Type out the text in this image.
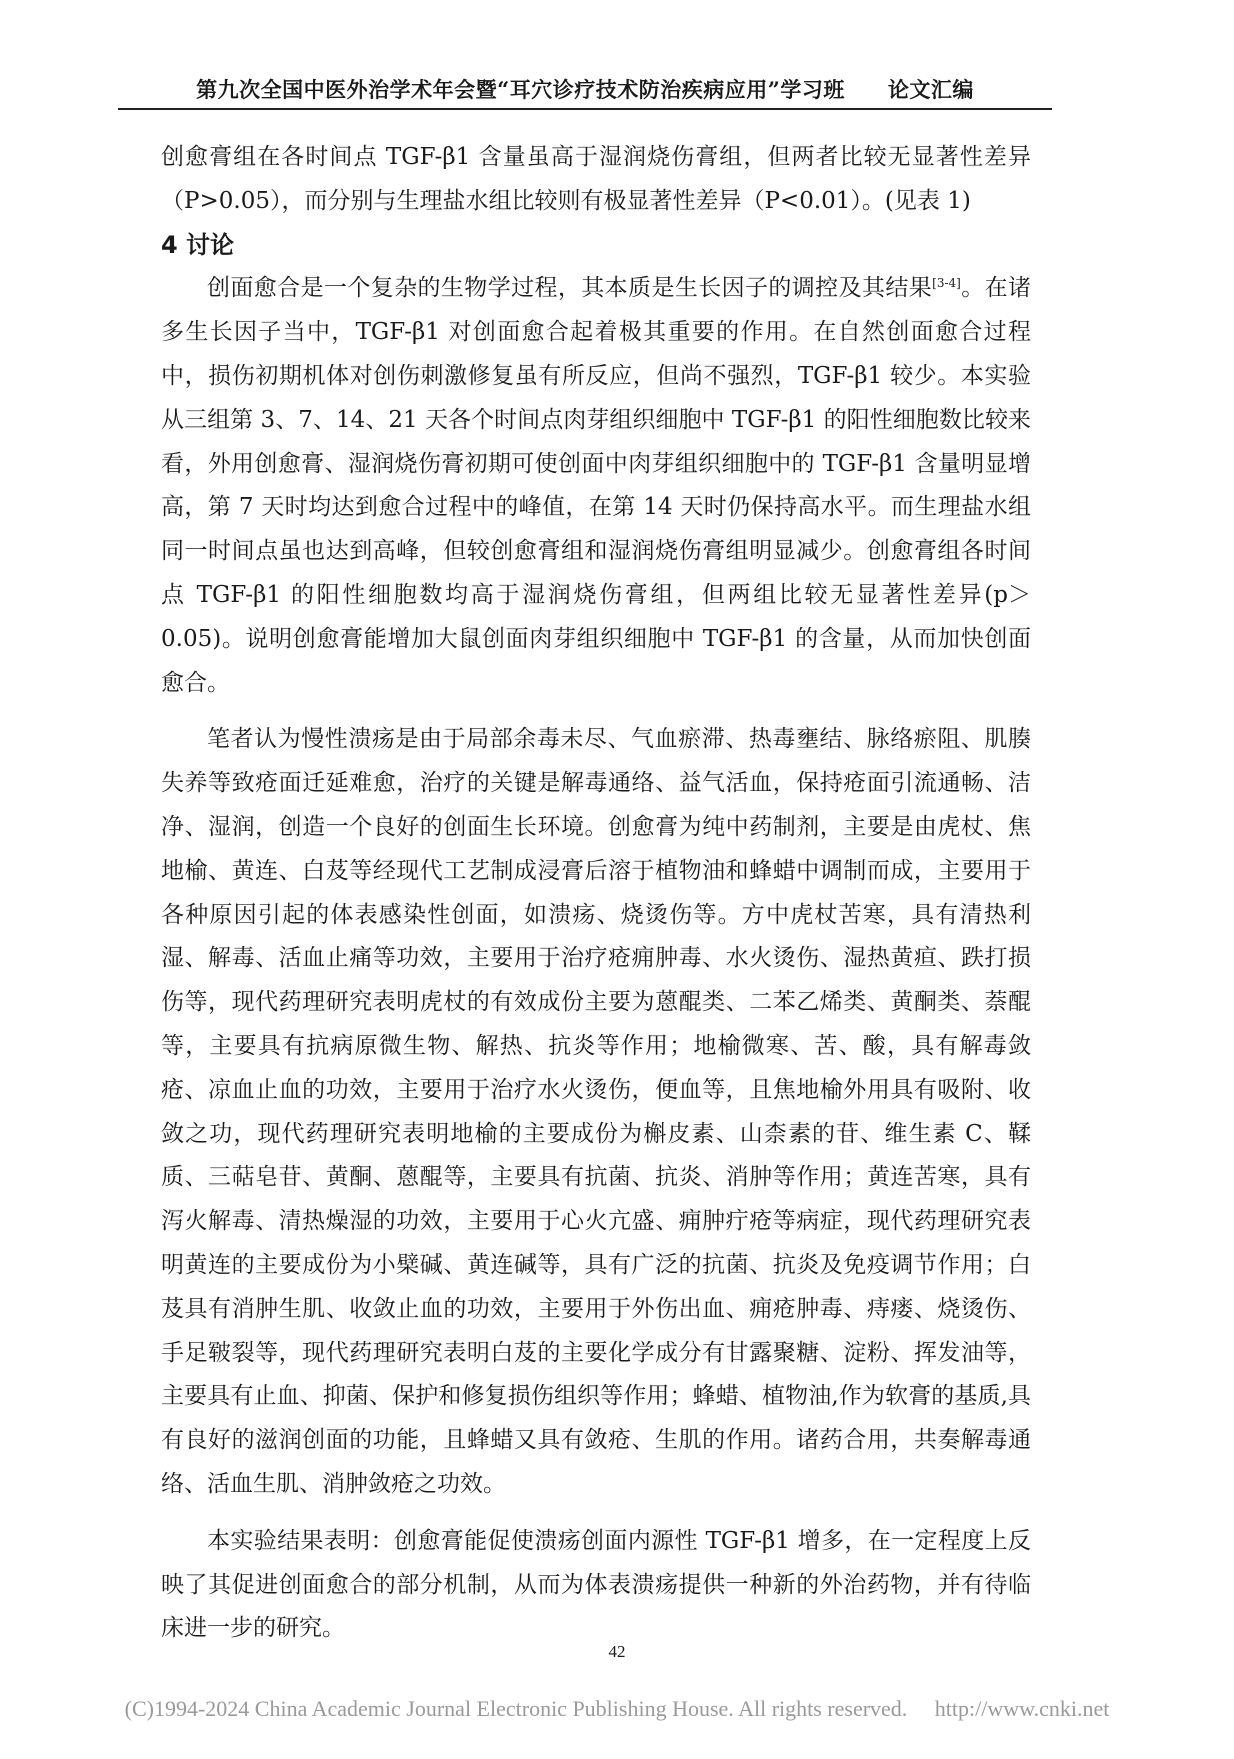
第九次全国中医外治学术年会暨“耳穴诊疗技术防治疾病应用”学习班　　论文汇编

创愈膏组在各时间点 TGF-β1 含量虽高于湿润烧伤膏组，但两者比较无显著性差异（P>0.05），而分别与生理盐水组比较则有极显著性差异（P<0.01）。(见表 1)

4 讨论

创面愈合是一个复杂的生物学过程，其本质是生长因子的调控及其结果[3-4]。在诸多生长因子当中，TGF-β1 对创面愈合起着极其重要的作用。在自然创面愈合过程中，损伤初期机体对创伤刺激修复虽有所反应，但尚不强烈，TGF-β1 较少。本实验从三组第 3、7、14、21 天各个时间点肉芽组织细胞中 TGF-β1 的阳性细胞数比较来看，外用创愈膏、湿润烧伤膏初期可使创面中肉芽组织细胞中的 TGF-β1 含量明显增高，第 7 天时均达到愈合过程中的峰值，在第 14 天时仍保持高水平。而生理盐水组同一时间点虽也达到高峰，但较创愈膏组和湿润烧伤膏组明显减少。创愈膏组各时间点 TGF-β1 的阳性细胞数均高于湿润烧伤膏组，但两组比较无显著性差异(p＞0.05)。说明创愈膏能增加大鼠创面肉芽组织细胞中 TGF-β1 的含量，从而加快创面愈合。

笔者认为慢性溃疡是由于局部余毒未尽、气血瘀滞、热毒壅结、脉络瘀阻、肌腠失养等致疮面迁延难愈，治疗的关键是解毒通络、益气活血，保持疮面引流通畅、洁净、湿润，创造一个良好的创面生长环境。创愈膏为纯中药制剂，主要是由虎杖、焦地榆、黄连、白芨等经现代工艺制成浸膏后溶于植物油和蜂蜡中调制而成，主要用于各种原因引起的体表感染性创面，如溃疡、烧烫伤等。方中虎杖苦寒，具有清热利湿、解毒、活血止痛等功效，主要用于治疗疮痈肿毒、水火烫伤、湿热黄疸、跌打损伤等，现代药理研究表明虎杖的有效成份主要为蒽醌类、二苯乙烯类、黄酮类、萘醌等，主要具有抗病原微生物、解热、抗炎等作用；地榆微寒、苦、酸，具有解毒敛疮、凉血止血的功效，主要用于治疗水火烫伤，便血等，且焦地榆外用具有吸附、收敛之功，现代药理研究表明地榆的主要成份为槲皮素、山柰素的苷、维生素 C、鞣质、三萜皂苷、黄酮、蒽醌等，主要具有抗菌、抗炎、消肿等作用；黄连苦寒，具有泻火解毒、清热燥湿的功效，主要用于心火亢盛、痈肿疔疮等病症，现代药理研究表明黄连的主要成份为小檗碱、黄连碱等，具有广泛的抗菌、抗炎及免疫调节作用；白芨具有消肿生肌、收敛止血的功效，主要用于外伤出血、痈疮肿毒、痔瘘、烧烫伤、手足皲裂等，现代药理研究表明白芨的主要化学成分有甘露聚糖、淀粉、挥发油等，主要具有止血、抑菌、保护和修复损伤组织等作用；蜂蜡、植物油,作为软膏的基质,具有良好的滋润创面的功能，且蜂蜡又具有敛疮、生肌的作用。诸药合用，共奏解毒通络、活血生肌、消肿敛疮之功效。

本实验结果表明：创愈膏能促使溃疡创面内源性 TGF-β1 增多，在一定程度上反映了其促进创面愈合的部分机制，从而为体表溃疡提供一种新的外治药物，并有待临床进一步的研究。

42
(C)1994-2024 China Academic Journal Electronic Publishing House. All rights reserved.　 http://www.cnki.net
